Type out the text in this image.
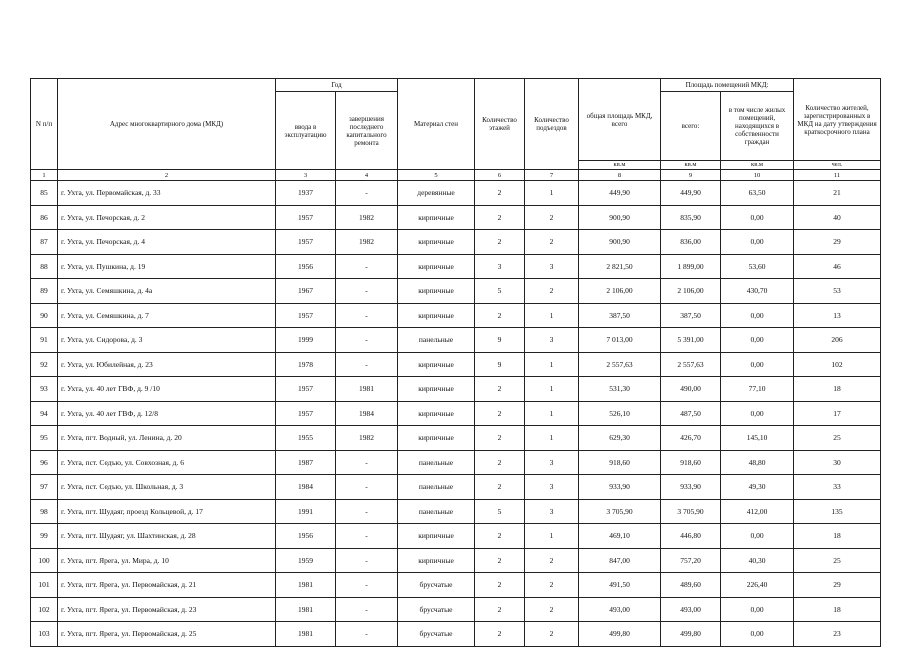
N п/п	Адрес многоквартирного дома (МКД)	Год		Материал стен	Количество этажей	Количество подъездов	общая площадь МКД, всего	Площадь помещений МКД:		Количество жителей, зарегистрированных в МКД на дату утверждения краткосрочного плана
		ввода в эксплуатацию	завершения последнего капитального ремонта					всего:	в том числе жилых помещений, находящихся в собственности граждан	
							кв.м	кв.м	кв.м	чел.
1	2	3	4	5	6	7	8	9	10	11
85	г. Ухта, ул. Первомайская, д. 33	1937	-	деревянные	2	1	449,90	449,90	63,50	21
86	г. Ухта, ул. Печорская, д. 2	1957	1982	кирпичные	2	2	900,90	835,90	0,00	40
87	г. Ухта, ул. Печорская, д. 4	1957	1982	кирпичные	2	2	900,90	836,00	0,00	29
88	г. Ухта, ул. Пушкина, д. 19	1956	-	кирпичные	3	3	2 821,50	1 899,00	53,60	46
89	г. Ухта, ул. Семяшкина, д. 4а	1967	-	кирпичные	5	2	2 106,00	2 106,00	430,70	53
90	г. Ухта, ул. Семяшкина, д. 7	1957	-	кирпичные	2	1	387,50	387,50	0,00	13
91	г. Ухта, ул. Сидорова, д. 3	1999	-	панельные	9	3	7 013,00	5 391,00	0,00	206
92	г. Ухта, ул. Юбилейная, д. 23	1978	-	кирпичные	9	1	2 557,63	2 557,63	0,00	102
93	г. Ухта, ул. 40 лет ГВФ, д. 9 /10	1957	1981	кирпичные	2	1	531,30	490,00	77,10	18
94	г. Ухта, ул. 40 лет ГВФ, д. 12/8	1957	1984	кирпичные	2	1	526,10	487,50	0,00	17
95	г. Ухта, пгт. Водный, ул. Ленина, д. 20	1955	1982	кирпичные	2	1	629,30	426,70	145,10	25
96	г. Ухта, пст. Седъю, ул. Совхозная, д. 6	1987	-	панельные	2	3	918,60	918,60	48,80	30
97	г. Ухта, пст. Седъю, ул. Школьная, д. 3	1984	-	панельные	2	3	933,90	933,90	49,30	33
98	г. Ухта, пгт. Шудаяг, проезд Кольцевой, д. 17	1991	-	панельные	5	3	3 705,90	3 705,90	412,00	135
99	г. Ухта, пгт. Шудаяг, ул. Шахтинская, д. 28	1956	-	кирпичные	2	1	469,10	446,80	0,00	18
100	г. Ухта, пгт. Ярега, ул. Мира, д. 10	1959	-	кирпичные	2	2	847,00	757,20	40,30	25
101	г. Ухта, пгт. Ярега, ул. Первомайская, д. 21	1981	-	брусчатые	2	2	491,50	489,60	226,40	29
102	г. Ухта, пгт. Ярега, ул. Первомайская, д. 23	1981	-	брусчатые	2	2	493,00	493,00	0,00	18
103	г. Ухта, пгт. Ярега, ул. Первомайская, д. 25	1981	-	брусчатые	2	2	499,80	499,80	0,00	23
